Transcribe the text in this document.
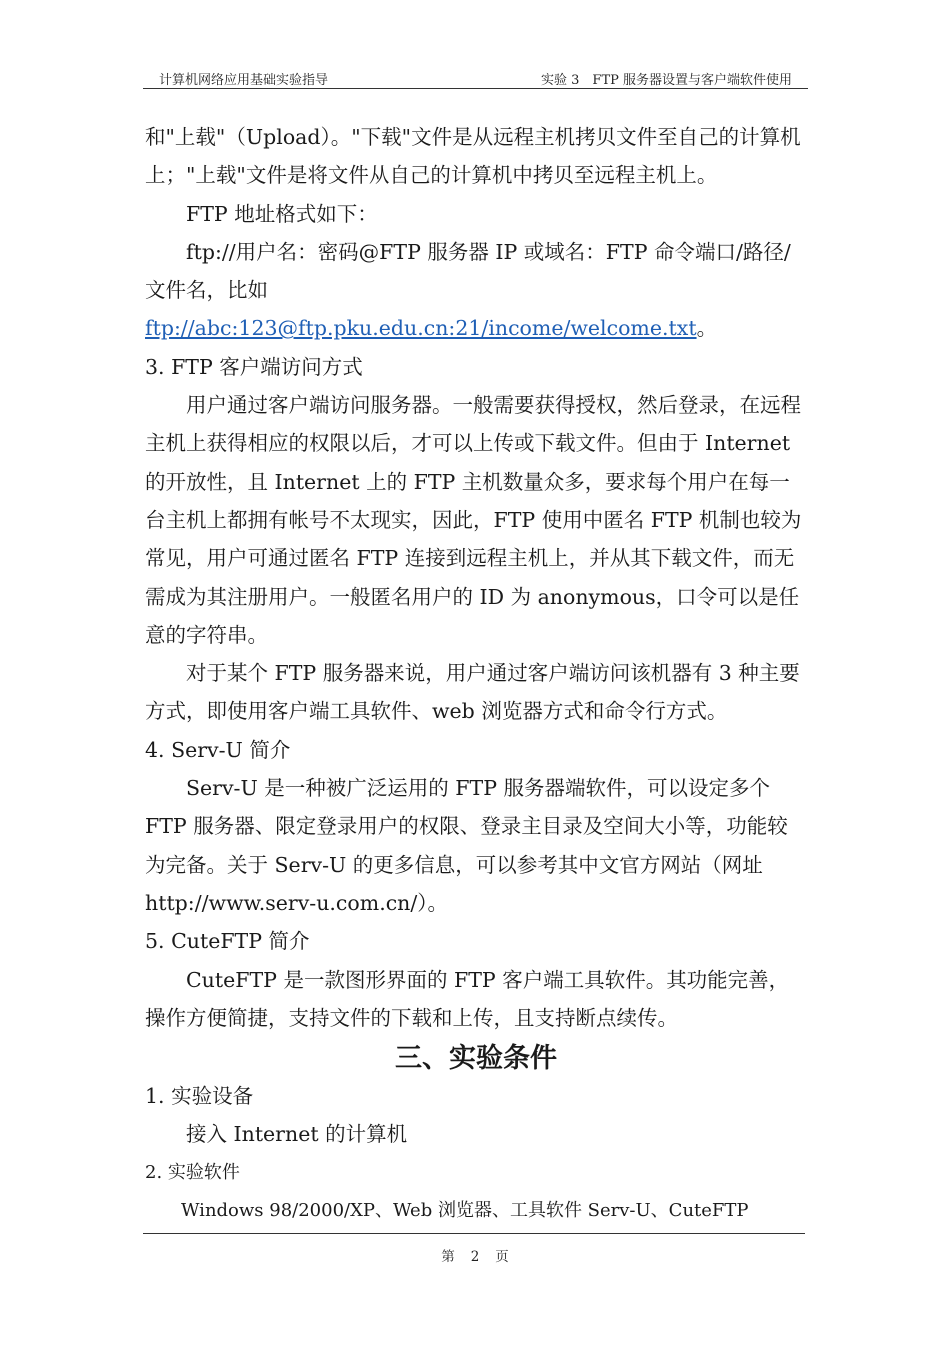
计算机网络应用基础实验指导	实验 3　FTP 服务器设置与客户端软件使用

和"上载"（Upload）。"下载"文件是从远程主机拷贝文件至自己的计算机上；"上载"文件是将文件从自己的计算机中拷贝至远程主机上。

FTP 地址格式如下：

ftp://用户名：密码@FTP 服务器 IP 或域名：FTP 命令端口/路径/文件名，比如 ftp://abc:123@ftp.pku.edu.cn:21/income/welcome.txt。

3. FTP 客户端访问方式

用户通过客户端访问服务器。一般需要获得授权，然后登录，在远程主机上获得相应的权限以后，才可以上传或下载文件。但由于 Internet 的开放性，且 Internet 上的 FTP 主机数量众多，要求每个用户在每一台主机上都拥有帐号不太现实，因此，FTP 使用中匿名 FTP 机制也较为常见，用户可通过匿名 FTP 连接到远程主机上，并从其下载文件，而无需成为其注册用户。一般匿名用户的 ID 为 anonymous，口令可以是任意的字符串。

对于某个 FTP 服务器来说，用户通过客户端访问该机器有 3 种主要方式，即使用客户端工具软件、web 浏览器方式和命令行方式。

4. Serv-U 简介

Serv-U 是一种被广泛运用的 FTP 服务器端软件，可以设定多个 FTP 服务器、限定登录用户的权限、登录主目录及空间大小等，功能较为完备。关于 Serv-U 的更多信息，可以参考其中文官方网站（网址 http://www.serv-u.com.cn/）。

5. CuteFTP 简介

CuteFTP 是一款图形界面的 FTP 客户端工具软件。其功能完善，操作方便简捷，支持文件的下载和上传，且支持断点续传。

三、实验条件

1. 实验设备

接入 Internet 的计算机

2. 实验软件

Windows 98/2000/XP、Web 浏览器、工具软件 Serv-U、CuteFTP

第 2 页
